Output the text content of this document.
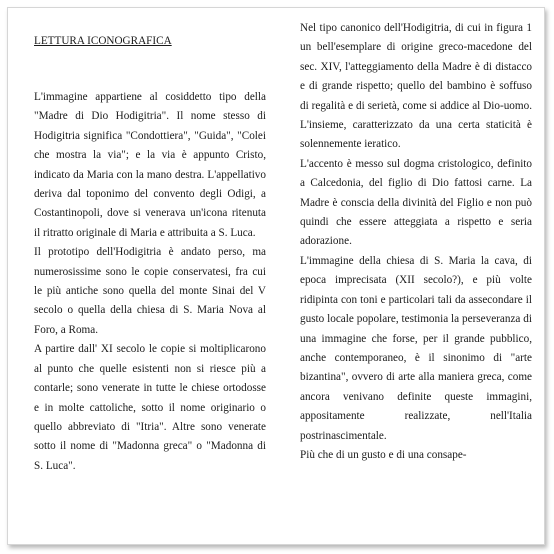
LETTURA ICONOGRAFICA

L'immagine appartiene al cosiddetto tipo della "Madre di Dio Hodigitria". Il nome stesso di Hodigitria significa "Condottiera", "Guida", "Colei che mostra la via"; e la via è appunto Cristo, indicato da Maria con la mano destra. L'appellativo deriva dal toponimo del convento degli Odigi, a Costantinopoli, dove si venerava un'icona ritenuta il ritratto originale di Maria e attribuita a S. Luca.

Il prototipo dell'Hodigitria è andato perso, ma numerosissime sono le copie conservatesi, fra cui le più antiche sono quella del monte Sinai del V secolo o quella della chiesa di S. Maria Nova al Foro, a Roma.

A partire dall' XI secolo le copie si moltiplicarono al punto che quelle esistenti non si riesce più a contarle; sono venerate in tutte le chiese ortodosse e in molte cattoliche, sotto il nome originario o quello abbreviato di "Itria". Altre sono venerate sotto il nome di "Madonna greca" o "Madonna di S. Luca".

Nel tipo canonico dell'Hodigitria, di cui in figura 1 un bell'esemplare di origine greco-macedone del sec. XIV, l'atteggiamento della Madre è di distacco e di grande rispetto; quello del bambino è soffuso di regalità e di serietà, come si addice al Dio-uomo. L'insieme, caratterizzato da una certa staticità è solennemente ieratico.

L'accento è messo sul dogma cristologico, definito a Calcedonia, del figlio di Dio fattosi carne. La Madre è conscia della divinità del Figlio e non può quindi che essere atteggiata a rispetto e seria adorazione.

L'immagine della chiesa di S. Maria la cava, di epoca imprecisata (XII secolo?), e più volte ridipinta con toni e particolari tali da assecondare il gusto locale popolare, testimonia la perseveranza di una immagine che forse, per il grande pubblico, anche contemporaneo, è il sinonimo di "arte bizantina", ovvero di arte alla maniera greca, come ancora venivano definite queste immagini, appositamente realizzate, nell'Italia postrinascimentale.

Più che di un gusto e di una consape-
